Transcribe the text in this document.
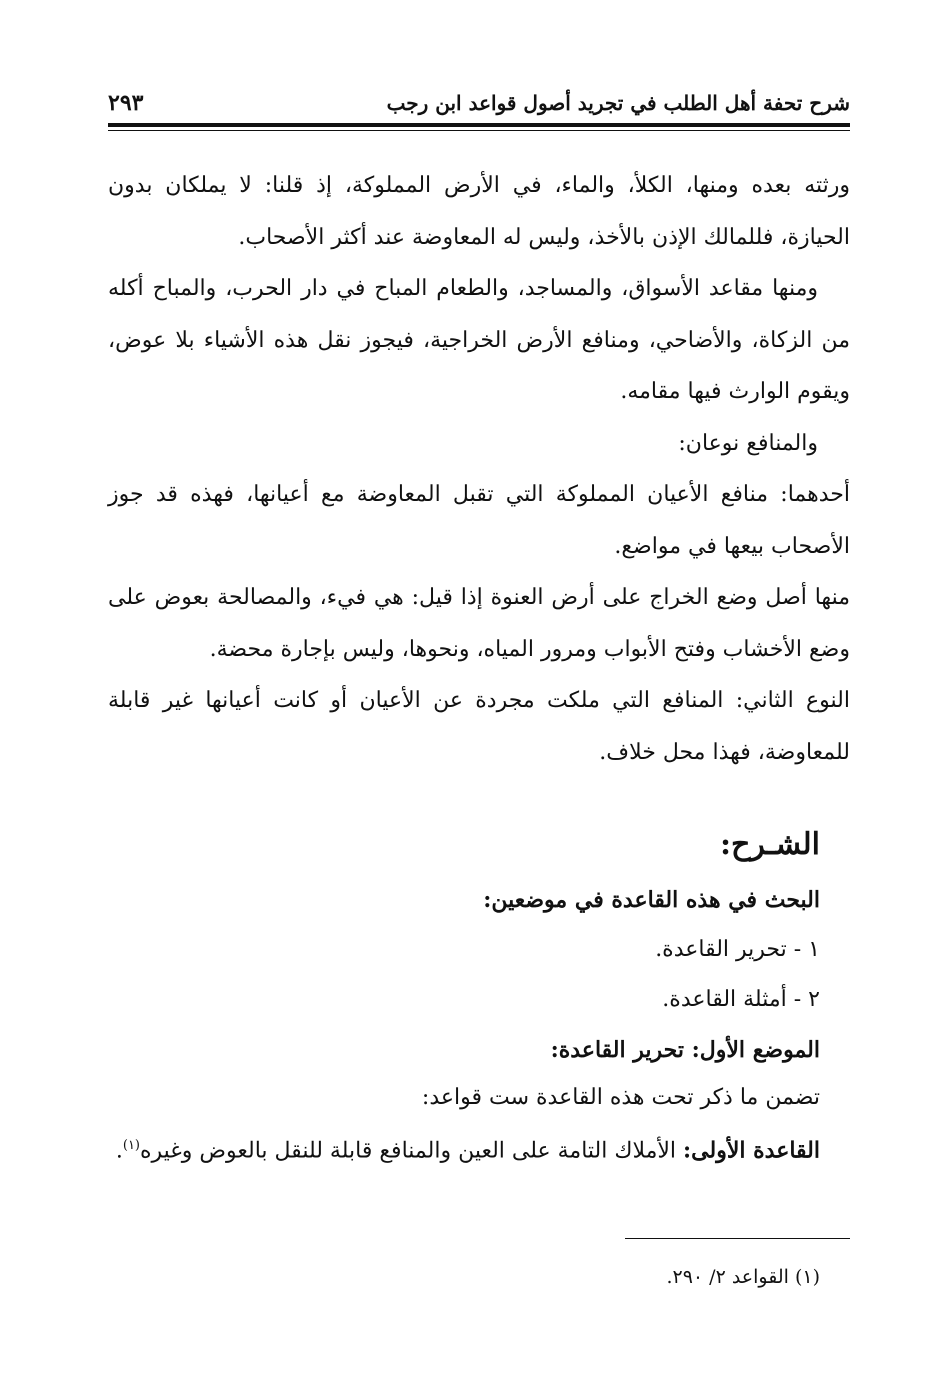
شرح تحفة أهل الطلب في تجريد أصول قواعد ابن رجب
٢٩٣

ورثته بعده ومنها، الكلأ، والماء، في الأرض المملوكة، إذ قلنا: لا يملكان بدون الحيازة، فللمالك الإذن بالأخذ، وليس له المعاوضة عند أكثر الأصحاب.

ومنها مقاعد الأسواق، والمساجد، والطعام المباح في دار الحرب، والمباح أكله من الزكاة، والأضاحي، ومنافع الأرض الخراجية، فيجوز نقل هذه الأشياء بلا عوض، ويقوم الوارث فيها مقامه.

والمنافع نوعان:

أحدهما: منافع الأعيان المملوكة التي تقبل المعاوضة مع أعيانها، فهذه قد جوز الأصحاب بيعها في مواضع.

منها أصل وضع الخراج على أرض العنوة إذا قيل: هي فيء، والمصالحة بعوض على وضع الأخشاب وفتح الأبواب ومرور المياه، ونحوها، وليس بإجارة محضة.

النوع الثاني: المنافع التي ملكت مجردة عن الأعيان أو كانت أعيانها غير قابلة للمعاوضة، فهذا محل خلاف.

الشـرح:
البحث في هذه القاعدة في موضعين:
١ - تحرير القاعدة.
٢ - أمثلة القاعدة.
الموضع الأول: تحرير القاعدة:
تضمن ما ذكر تحت هذه القاعدة ست قواعد:
القاعدة الأولى: الأملاك التامة على العين والمنافع قابلة للنقل بالعوض وغيره$^{(١)}$.
(١) القواعد ٢/ ٢٩٠.
